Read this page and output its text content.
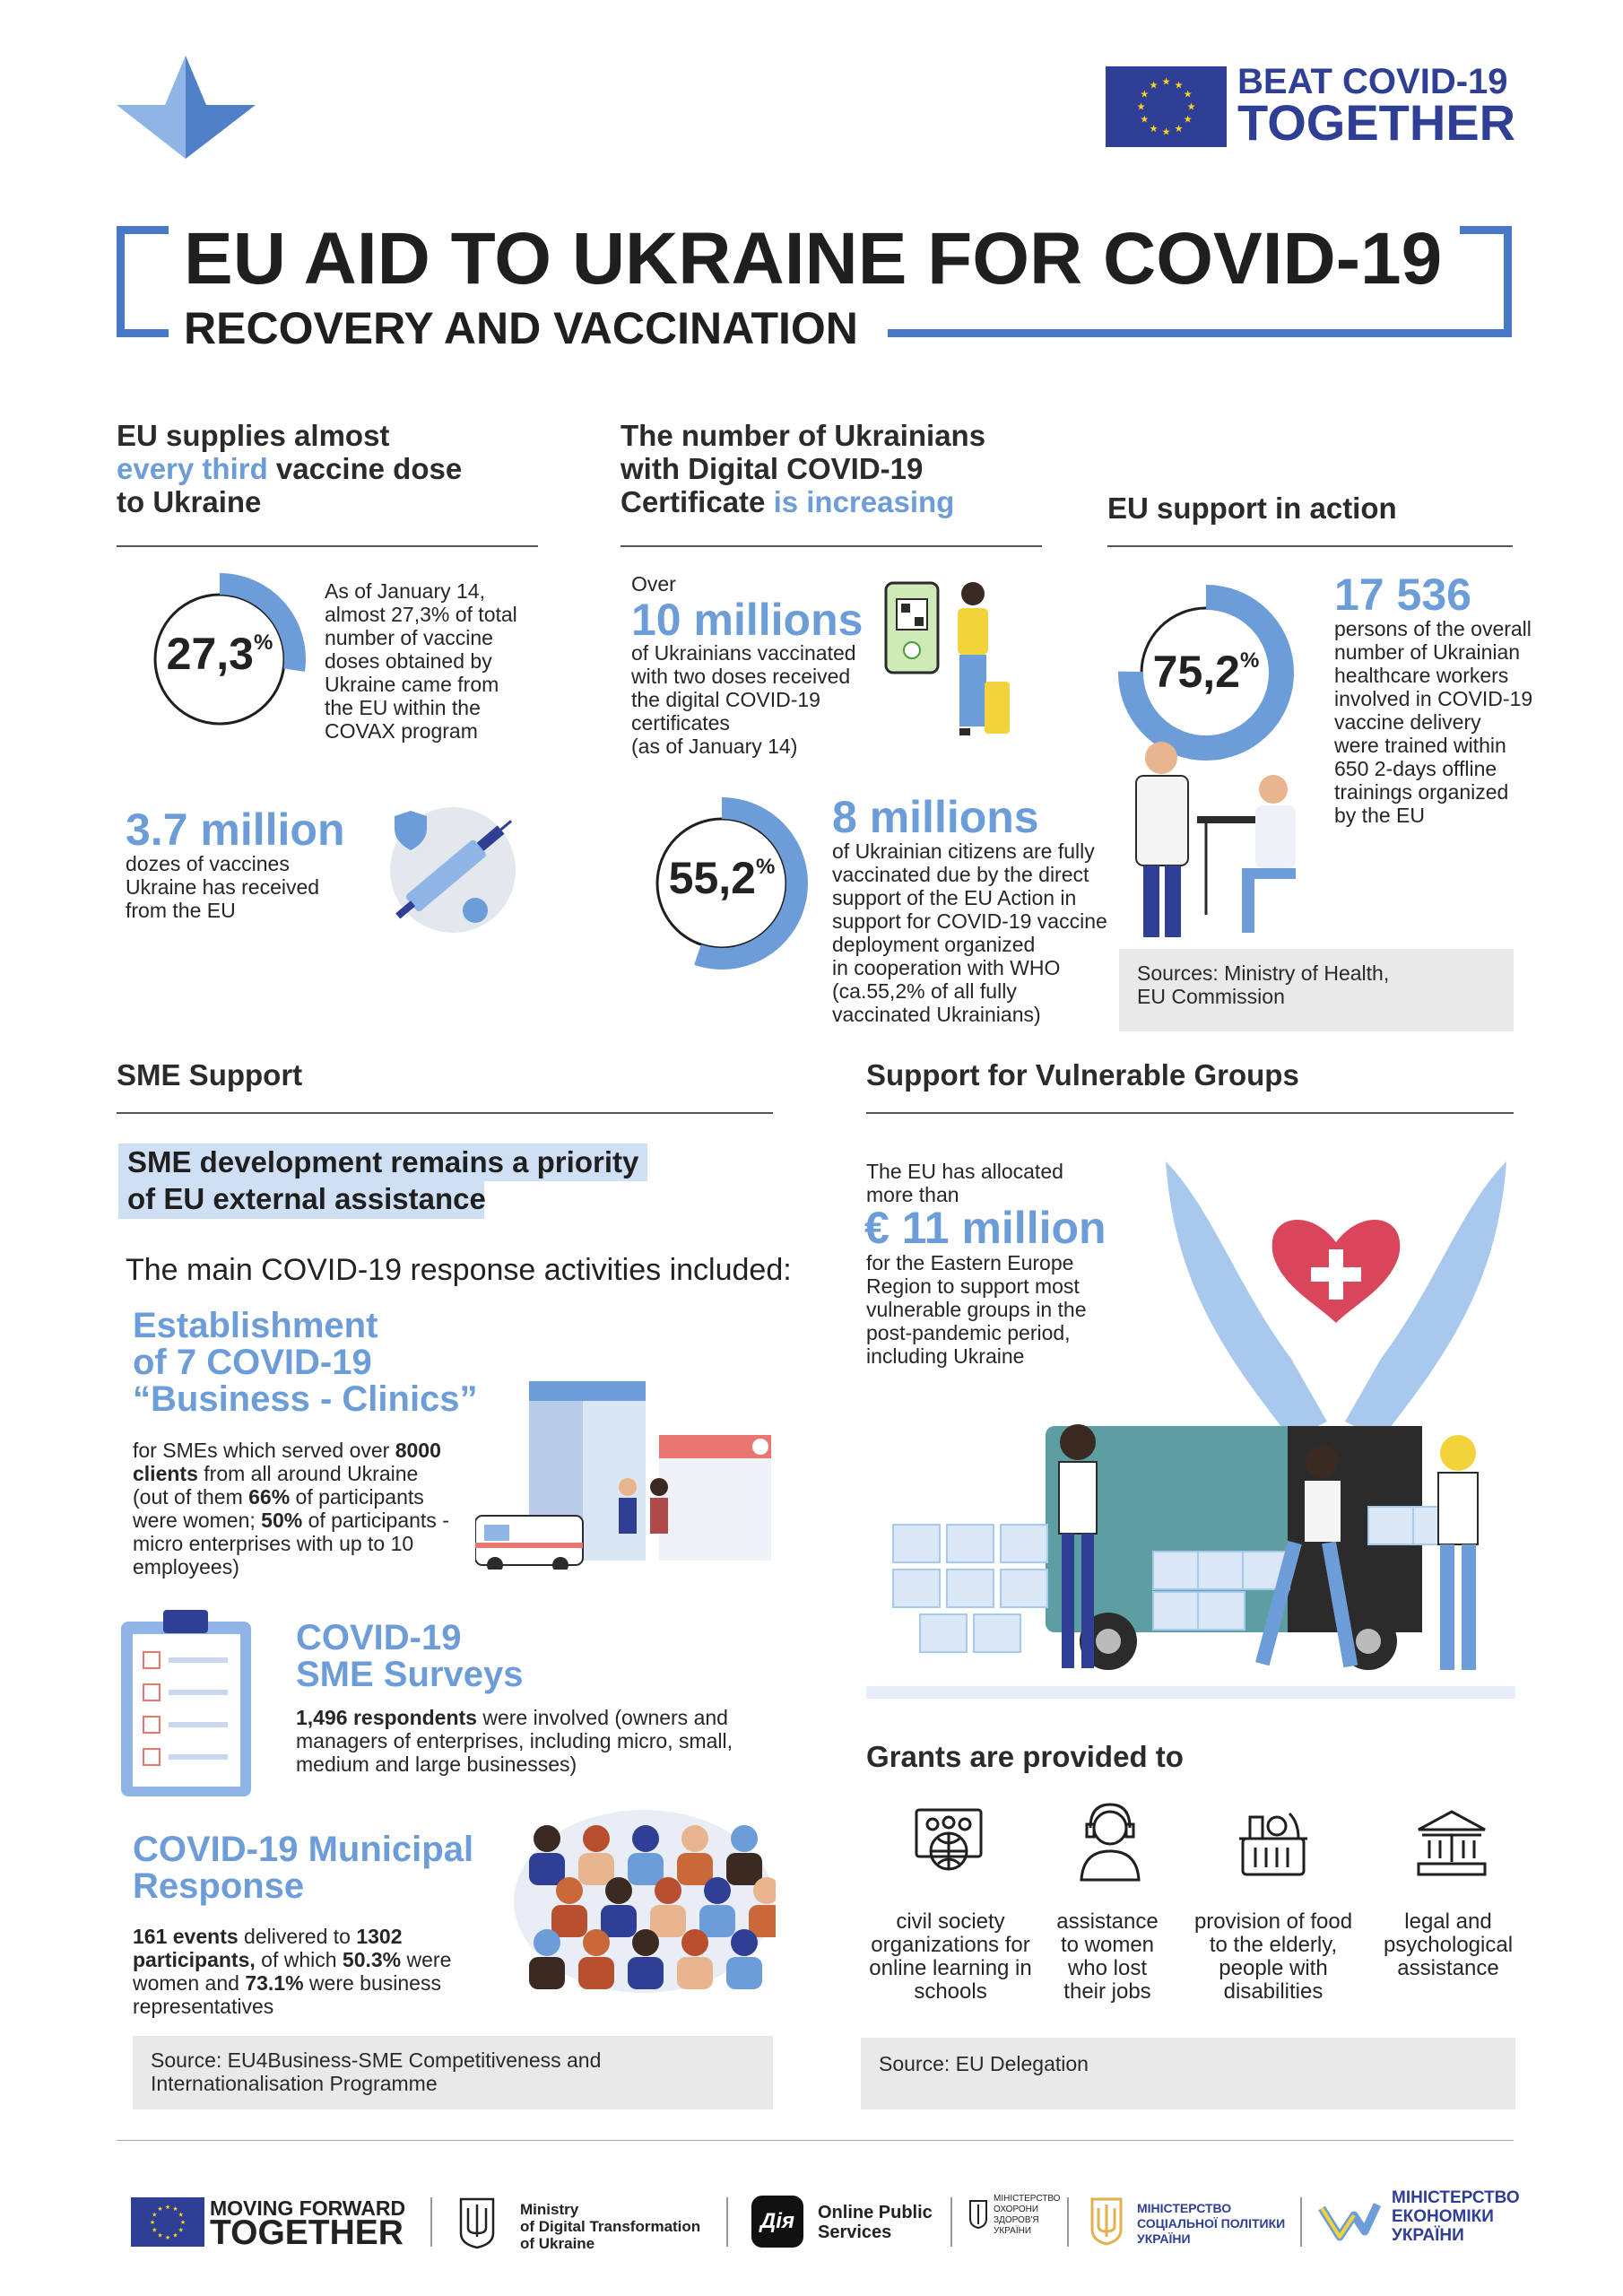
★
★
★
★
★
★
★
★
★ ★ ★
★ BEAT COVID-19
TOGETHER
EU AID TO UKRAINE FOR COVID-19
RECOVERY AND VACCINATION
EU supplies almost
every third vaccine dose
to Ukraine
27,3%
As of January 14,
almost 27,3% of total
number of vaccine
doses obtained by
Ukraine came from
the EU within the
COVAX program
3.7 million
dozes of vaccines
Ukraine has received
from the EU
The number of Ukrainians
with Digital COVID-19
Certificate is increasing
Over
10 millions
of Ukrainians vaccinated
with two doses received
the digital COVID-19
certificates
(as of January 14)
55,2%
8 millions
of Ukrainian citizens are fully
vaccinated due by the direct
support of the EU Action in
support for COVID-19 vaccine
deployment organized
in cooperation with WHO
(ca.55,2% of all fully
vaccinated Ukrainians)
EU support in action
75,2%
17 536
persons of the overall
number of Ukrainian
healthcare workers
involved in COVID-19
vaccine delivery
were trained within
650 2-days offline
trainings organized
by the EU
Sources: Ministry of Health,
EU Commission
SME Support
SME development remains a priority
of EU external assistance
The main COVID-19 response activities included:
Establishment
of 7 COVID-19
“Business - Clinics”
for SMEs which served over 8000
clients from all around Ukraine
(out of them 66% of participants
were women; 50% of participants -
micro enterprises with up to 10
employees)
COVID-19
SME Surveys
1,496 respondents were involved (owners and
managers of enterprises, including micro, small,
medium and large businesses)
COVID-19 Municipal
Response
161 events delivered to 1302
participants, of which 50.3% were
women and 73.1% were business
representatives
Source: EU4Business-SME Competitiveness and
Internationalisation Programme
Support for Vulnerable Groups
The EU has allocated
more than
€ 11 million
for the Eastern Europe
Region to support most
vulnerable groups in the
post-pandemic period,
including Ukraine
Grants are provided to
civil society
organizations for
online learning in
schools
assistance
to women
who lost
their jobs
provision of food
to the elderly,
people with
disabilities
legal and
psychological
assistance
Source: EU Delegation
★
★
★
★
★
★
★
★
★ ★ ★
★ MOVING FORWARD
TOGETHER
Ministry
of Digital Transformation
of Ukraine
Дія	Online Public
Services
МІНІСТЕРСТВО
ОХОРОНИ
ЗДОРОВ'Я
УКРАЇНИ
МІНІСТЕРСТВО
СОЦІАЛЬНОЇ ПОЛІТИКИ
УКРАЇНИ
МІНІСТЕРСТВО
ЕКОНОМІКИ
УКРАЇНИ
